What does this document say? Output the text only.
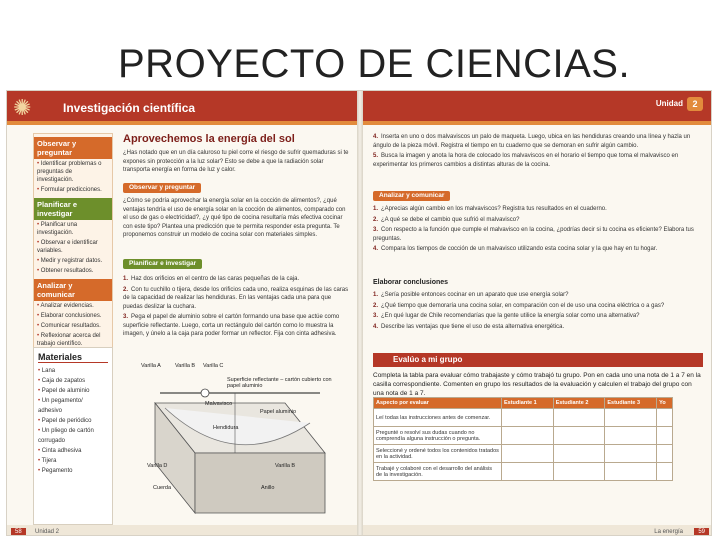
PROYECTO DE CIENCIAS.
✺	Investigación científica
Observar y preguntar
• Identificar problemas o preguntas de investigación.
• Formular predicciones.
Planificar e investigar
• Planificar una investigación.
• Observar e identificar variables.
• Medir y registrar datos.
• Obtener resultados.
Analizar y comunicar
• Analizar evidencias.
• Elaborar conclusiones.
• Comunicar resultados.
• Reflexionar acerca del trabajo científico.
Materiales
• Lana
• Caja de zapatos
• Papel de aluminio
• Un pegamento/ adhesivo
• Papel de periódico
• Un pliego de cartón corrugado
• Cinta adhesiva
• Tijera
• Pegamento
Aprovechemos la energía del sol
¿Has notado que en un día caluroso tu piel corre el riesgo de sufrir quemaduras si te expones sin protección a la luz solar? Esto se debe a que la radiación solar transporta energía en forma de luz y calor.
Observar y preguntar
¿Cómo se podría aprovechar la energía solar en la cocción de alimentos?, ¿qué ventajas tendría el uso de energía solar en la cocción de alimentos, comparado con el uso de gas o electricidad?, ¿y qué tipo de cocina resultaría más efectiva cocinar con este tipo? Plantea una predicción que te permita responder esta pregunta. Te proponemos construir un modelo de cocina solar con materiales simples.
Planificar e investigar
1. Haz dos orificios en el centro de las caras pequeñas de la caja.
2. Con tu cuchillo o tijera, desde los orificios cada uno, realiza esquinas de las caras de la capacidad de realizar las hendiduras. En las ventajas cada una para que puedas deslizar la cuchara.
3. Pega el papel de aluminio sobre el cartón formando una base que actúe como superficie reflectante. Luego, corta un rectángulo del cartón como lo muestra la imagen, y únelo a la caja para poder formar un reflector. Fija con cinta adhesiva.
Varilla A	Varilla B Varilla C
Superficie reflectante – cartón cubierto con papel aluminio
Malvavisco
Papel aluminio
Hendidura
Varilla D	Varilla B
Cuerda	Anillo
58	Unidad 2
Unidad	2
4. Inserta en uno o dos malvaviscos un palo de maqueta. Luego, ubica en las hendiduras creando una línea y hazla un ángulo de la pieza móvil. Registra el tiempo en tu cuaderno que se demoran en sufrir algún cambio.
5. Busca la imagen y anota la hora de colocado los malvaviscos en el horario el tiempo que toma el malvavisco en experimentar los primeros cambios a distintas alturas de la cocina.
Analizar y comunicar
1. ¿Aprecias algún cambio en los malvaviscos? Registra tus resultados en el cuaderno.
2. ¿A qué se debe el cambio que sufrió el malvavisco?
3. Con respecto a la función que cumple el malvavisco en la cocina, ¿podrías decir si tu cocina es eficiente? Elabora tus preguntas.
4. Compara los tiempos de cocción de un malvavisco utilizando esta cocina solar y la que hay en tu hogar.
Elaborar conclusiones
1. ¿Sería posible entonces cocinar en un aparato que use energía solar?
2. ¿Qué tiempo que demoraría una cocina solar, en comparación con el de uso una cocina eléctrica o a gas?
3. ¿En qué lugar de Chile recomendarías que la gente utilice la energía solar como una alternativa?
4. Describe las ventajas que tiene el uso de esta alternativa energética.
Evalúo a mi grupo
Completa la tabla para evaluar cómo trabajaste y cómo trabajó tu grupo. Pon en cada uno una nota de 1 a 7 en la casilla correspondiente. Comenten en grupo los resultados de la evaluación y calculen el trabajo del grupo con una nota de 1 a 7.
Aspecto por evaluar	Estudiante 1	Estudiante 2	Estudiante 3	Yo
Leí todas las instrucciones antes de comenzar.				
Pregunté o resolví sus dudas cuando no comprendía alguna instrucción o pregunta.				
Seleccioné y ordené todos los contenidos tratados en la actividad.				
Trabajé y colaboré con el desarrollo del análisis de la investigación.				
La energía	59
